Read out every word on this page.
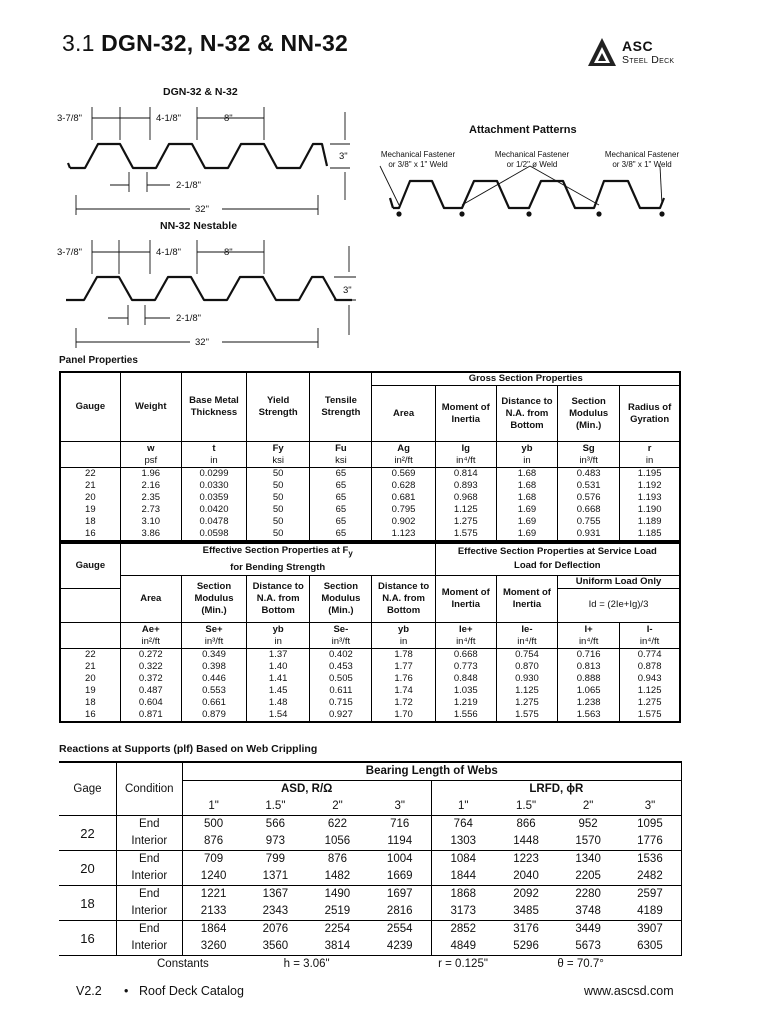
3.1 DGN-32, N-32 & NN-32	ASC
Steel Deck
DGN-32 & N-32
NN-32 Nestable
Attachment Patterns
3-7/8"	4-1/8"	8"
3"
2-1/8"
32"
3-7/8"	4-1/8"	8"
3"
2-1/8"
32"
Mechanical Fastener
or 3/8" x 1" Weld
Mechanical Fastener
or 1/2" ø Weld
Mechanical Fastener
or 3/8" x 1" Weld
Panel Properties
Gauge	Weight	Base Metal Thickness	Yield Strength	Tensile Strength	Gross Section Properties				
					Area	Moment of Inertia	Distance to N.A. from Bottom	Section Modulus (Min.)	Radius of Gyration
	w	t	Fy	Fu	Ag	Ig	yb	Sg	r
	psf	in	ksi	ksi	in²/ft	in⁴/ft	in	in³/ft	in
22	1.96	0.0299	50	65	0.569	0.814	1.68	0.483	1.195
21	2.16	0.0330	50	65	0.628	0.893	1.68	0.531	1.192
20	2.35	0.0359	50	65	0.681	0.968	1.68	0.576	1.193
19	2.73	0.0420	50	65	0.795	1.125	1.69	0.668	1.190
18	3.10	0.0478	50	65	0.902	1.275	1.69	0.755	1.189
16	3.86	0.0598	50	65	1.123	1.575	1.69	0.931	1.185
Gauge	Effective Section Properties at $F_y$
for Bending Strength					Effective Section Properties at Service Load
Load for Deflection			

	Area	Section Modulus (Min.)	Distance to N.A. from Bottom	Section Modulus (Min.)	Distance to N.A. from Bottom	Moment of Inertia	Moment of Inertia	Uniform Load Only	
								Id = (2Ie+Ig)/3	
	Ae+	Se+	yb	Se-	yb	Ie+	Ie-	I+	I-
	in²/ft	in³/ft	in	in³/ft	in	in⁴/ft	in⁴/ft	in⁴/ft	in⁴/ft
22	0.272	0.349	1.37	0.402	1.78	0.668	0.754	0.716	0.774
21	0.322	0.398	1.40	0.453	1.77	0.773	0.870	0.813	0.878
20	0.372	0.446	1.41	0.505	1.76	0.848	0.930	0.888	0.943
19	0.487	0.553	1.45	0.611	1.74	1.035	1.125	1.065	1.125
18	0.604	0.661	1.48	0.715	1.72	1.219	1.275	1.238	1.275
16	0.871	0.879	1.54	0.927	1.70	1.556	1.575	1.563	1.575
Reactions at Supports (plf) Based on Web Crippling
Gage	Condition	Bearing Length of Webs							
		ASD, R/Ω				LRFD, ϕR			
		1"	1.5"	2"	3"	1"	1.5"	2"	3"
22	End	500	566	622	716	764	866	952	1095
	Interior	876	973	1056	1194	1303	1448	1570	1776
20	End	709	799	876	1004	1084	1223	1340	1536
	Interior	1240	1371	1482	1669	1844	2040	2205	2482
18	End	1221	1367	1490	1697	1868	2092	2280	2597
	Interior	2133	2343	2519	2816	3173	3485	3748	4189
16	End	1864	2076	2254	2554	2852	3176	3449	3907
	Interior	3260	3560	3814	4239	4849	5296	5673	6305
Constants			h = 3.06"		r = 0.125"			θ = 70.7°	
V2.2 • Roof Deck Catalog	www.ascsd.com
